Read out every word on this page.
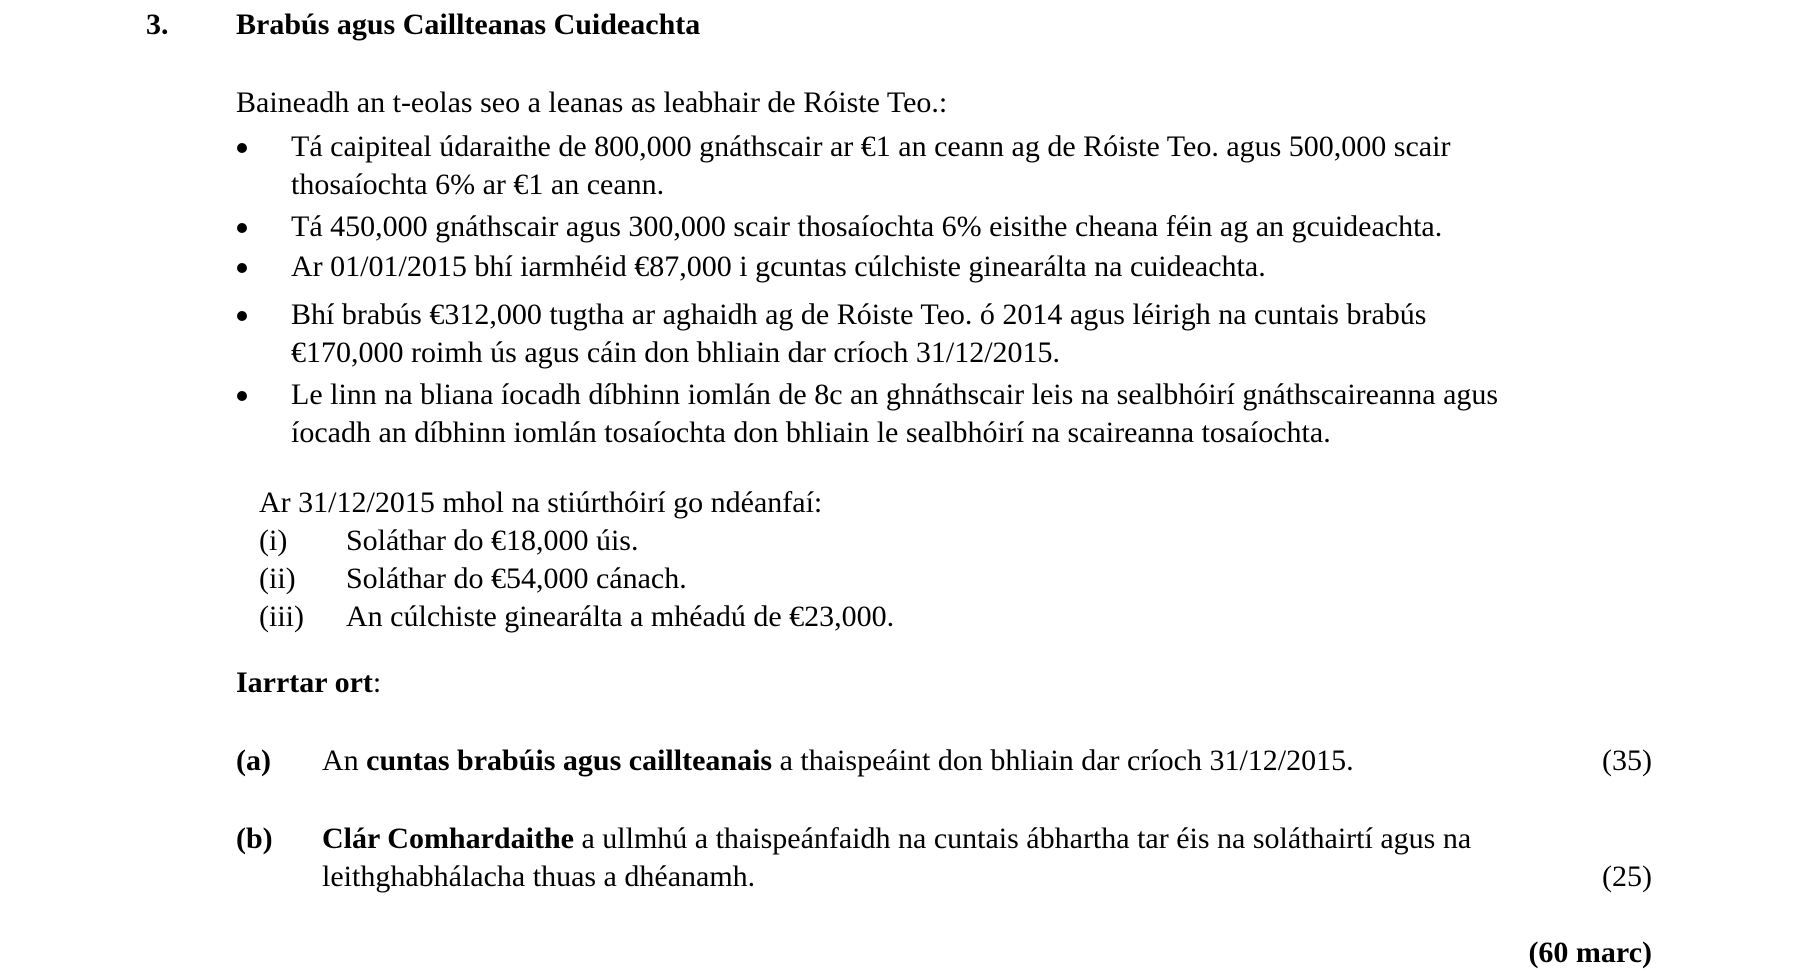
3. Brabús agus Caillteanas Cuideachta
Baineadh an t-eolas seo a leanas as leabhair de Róiste Teo.:
Tá caipiteal údaraithe de 800,000 gnáthscair ar €1 an ceann ag de Róiste Teo. agus 500,000 scair
thosaíochta 6% ar €1 an ceann.
Tá 450,000 gnáthscair agus 300,000 scair thosaíochta 6% eisithe cheana féin ag an gcuideachta.
Ar 01/01/2015 bhí iarmhéid €87,000 i gcuntas cúlchiste ginearálta na cuideachta.
Bhí brabús €312,000 tugtha ar aghaidh ag de Róiste Teo. ó 2014 agus léirigh na cuntais brabús
€170,000 roimh ús agus cáin don bhliain dar críoch 31/12/2015.
Le linn na bliana íocadh díbhinn iomlán de 8c an ghnáthscair leis na sealbhóirí gnáthscaireanna agus
íocadh an díbhinn iomlán tosaíochta don bhliain le sealbhóirí na scaireanna tosaíochta.
Ar 31/12/2015 mhol na stiúrthóirí go ndéanfaí:
(i) Soláthar do €18,000 úis.
(ii) Soláthar do €54,000 cánach.
(iii) An cúlchiste ginearálta a mhéadú de €23,000.
Iarrtar ort:
(a) An cuntas brabúis agus caillteanais a thaispeáint don bhliain dar críoch 31/12/2015.	(35)
(b) Clár Comhardaithe a ullmhú a thaispeánfaidh na cuntais ábhartha tar éis na soláthairtí agus na
leithghabhálacha thuas a dhéanamh.	(25)
(60 marc)
